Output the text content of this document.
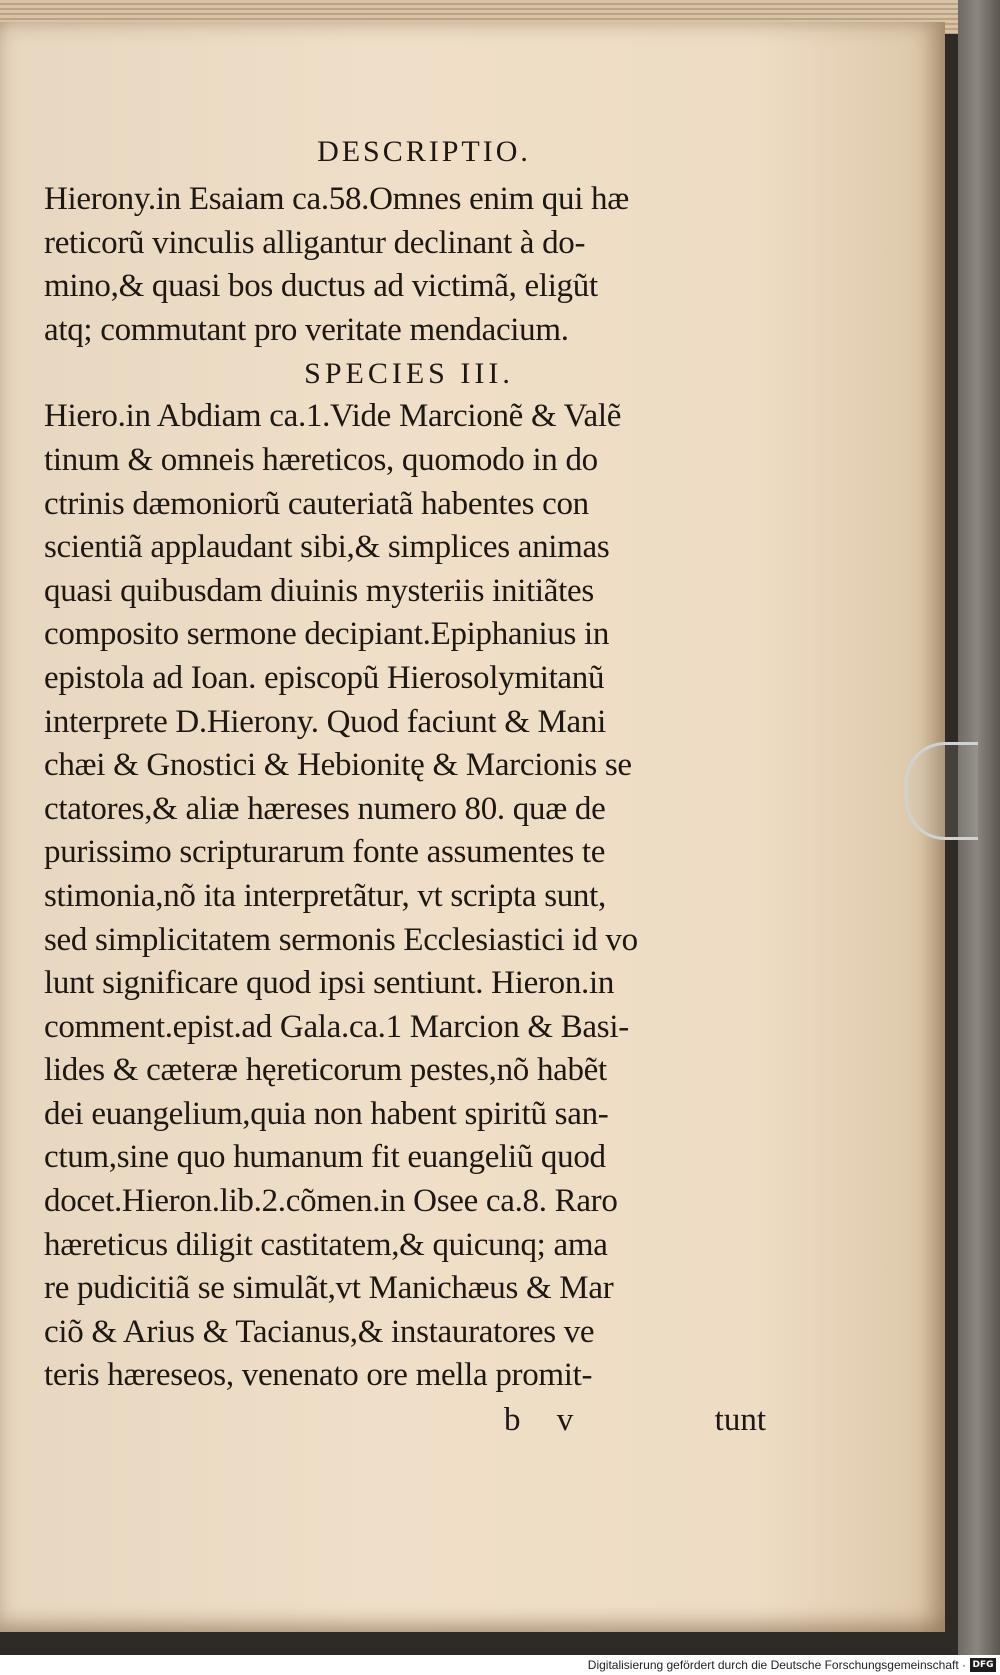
DESCRIPTIO.
Hierony.in Esaiam ca.58.Omnes enim qui hæ
reticorũ vinculis alligantur declinant à do-
mino,& quasi bos ductus ad victimã, eligũt
atq; commutant pro veritate mendacium.
SPECIES III.
Hiero.in Abdiam ca.1.Vide Marcionẽ & Valẽ
tinum & omneis hæreticos, quomodo in do
ctrinis dæmoniorũ cauteriatã habentes con
scientiã applaudant sibi,& simplices animas
quasi quibusdam diuinis mysteriis initiãtes
composito sermone decipiant.Epiphanius in
epistola ad Ioan. episcopũ Hierosolymitanũ
interprete D.Hierony. Quod faciunt & Mani
chæi & Gnostici & Hebionitę & Marcionis se
ctatores,& aliæ hæreses numero 80. quæ de
purissimo scripturarum fonte assumentes te
stimonia,nõ ita interpretãtur, vt scripta sunt,
sed simplicitatem sermonis Ecclesiastici id vo
lunt significare quod ipsi sentiunt. Hieron.in
comment.epist.ad Gala.ca.1 Marcion & Basi-
lides & cæteræ hęreticorum pestes,nõ habẽt
dei euangelium,quia non habent spiritũ san-
ctum,sine quo humanum fit euangeliũ quod
docet.Hieron.lib.2.cõmen.in Osee ca.8. Raro
hæreticus diligit castitatem,& quicunq; ama
re pudicitiã se simulãt,vt Manichæus & Mar
ciõ & Arius & Tacianus,& instauratores ve
teris hæreseos, venenato ore mella promit-
b v	tunt
Digitalisierung gefördert durch die Deutsche Forschungsgemeinschaft · DFG
